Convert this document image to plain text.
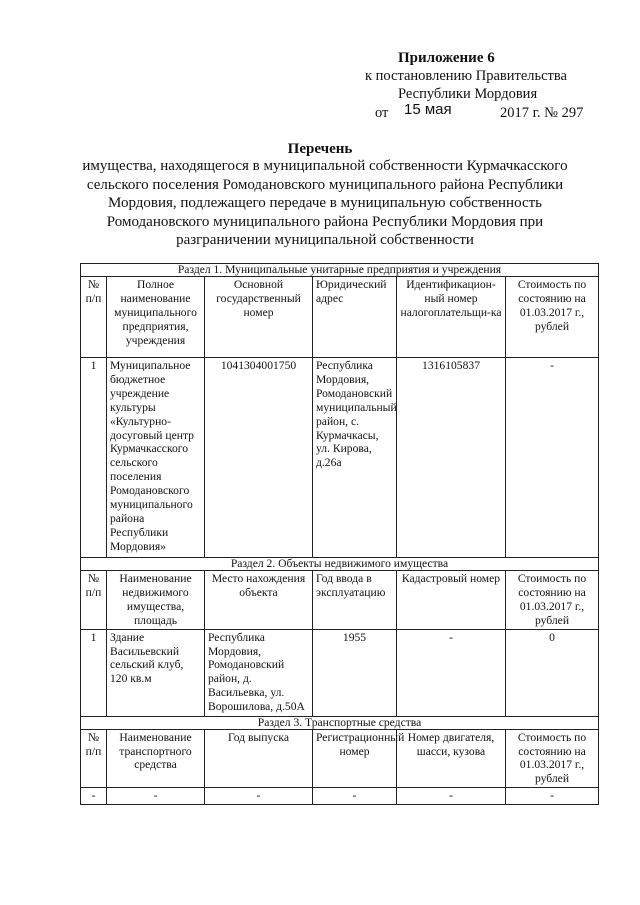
Приложение 6
к постановлению Правительства
Республики Мордовия
от 15 мая	2017 г. № 297
Перечень
имущества, находящегося в муниципальной собственности Курмачкасского сельского поселения Ромодановского муниципального района Республики Мордовия, подлежащего передаче в муниципальную собственность Ромодановского муниципального района Республики Мордовия при разграничении муниципальной собственности
Раздел 1. Муниципальные унитарные предприятия и учреждения					
№ п/п	Полное наименование муниципального предприятия, учреждения	Основной государственный номер	Юридический адрес	Идентификацион-ный номер налогоплательщи-ка	Стоимость по состоянию на 01.03.2017 г., рублей
1	Муниципальное бюджетное учреждение культуры «Культурно-досуговый центр Курмачкасского сельского поселения Ромодановского муниципального района Республики Мордовия»	1041304001750	Республика Мордовия, Ромодановский муниципальный район, с. Курмачкасы, ул. Кирова, д.26а	1316105837	-
Раздел 2. Объекты недвижимого имущества					
№ п/п	Наименование недвижимого имущества, площадь	Место нахождения объекта	Год ввода в эксплуатацию	Кадастровый номер	Стоимость по состоянию на 01.03.2017 г., рублей
1	Здание Васильевский сельский клуб, 120 кв.м	Республика Мордовия, Ромодановский район, д. Васильевка, ул. Ворошилова, д.50А	1955	-	0
Раздел 3. Транспортные средства					
№ п/п	Наименование транспортного средства	Год выпуска	Регистрационный номер	Номер двигателя, шасси, кузова	Стоимость по состоянию на 01.03.2017 г., рублей
-	-	-	-	-	-
